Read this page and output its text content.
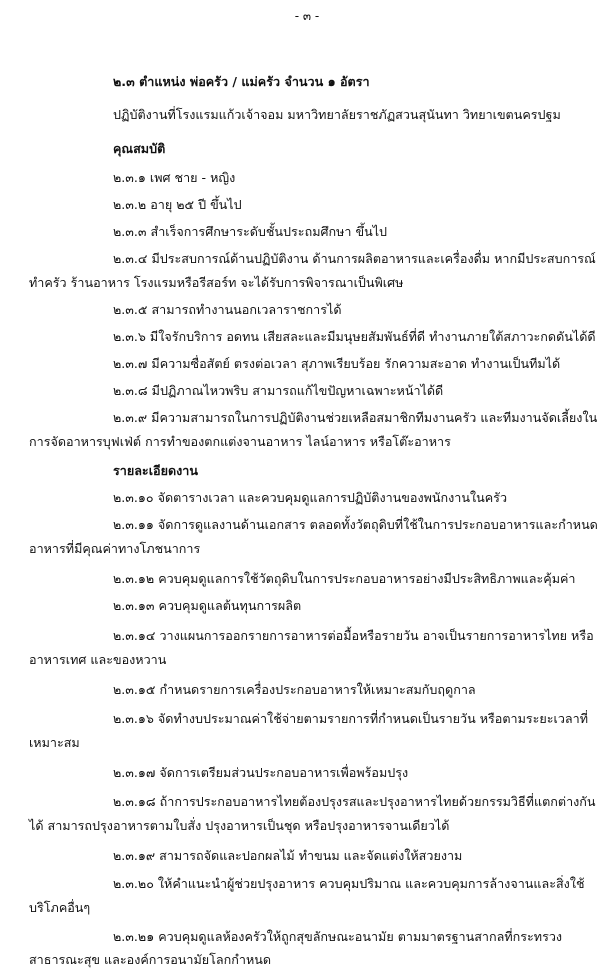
- ๓ -
๒.๓ ตำแหน่ง พ่อครัว / แม่ครัว จำนวน ๑ อัตรา
ปฏิบัติงานที่โรงแรมแก้วเจ้าจอม มหาวิทยาลัยราชภัฏสวนสุนันทา วิทยาเขตนครปฐม
คุณสมบัติ
๒.๓.๑ เพศ ชาย - หญิง
๒.๓.๒ อายุ ๒๕ ปี ขึ้นไป
๒.๓.๓ สำเร็จการศึกษาระดับชั้นประถมศึกษา ขึ้นไป
๒.๓.๔ มีประสบการณ์ด้านปฏิบัติงาน ด้านการผลิตอาหารและเครื่องดื่ม หากมีประสบการณ์
ทำครัว ร้านอาหาร โรงแรมหรือรีสอร์ท จะได้รับการพิจารณาเป็นพิเศษ
๒.๓.๕ สามารถทำงานนอกเวลาราชการได้
๒.๓.๖ มีใจรักบริการ อดทน เสียสละและมีมนุษยสัมพันธ์ที่ดี ทำงานภายใต้สภาวะกดดันได้ดี
๒.๓.๗ มีความซื่อสัตย์ ตรงต่อเวลา สุภาพเรียบร้อย รักความสะอาด ทำงานเป็นทีมได้
๒.๓.๘ มีปฏิภาณไหวพริบ สามารถแก้ไขปัญหาเฉพาะหน้าได้ดี
๒.๓.๙ มีความสามารถในการปฏิบัติงานช่วยเหลือสมาชิกทีมงานครัว และทีมงานจัดเลี้ยงใน
การจัดอาหารบุฟเฟ่ต์ การทำของตกแต่งจานอาหาร ไลน์อาหาร หรือโต๊ะอาหาร
รายละเอียดงาน
๒.๓.๑๐ จัดตารางเวลา และควบคุมดูแลการปฏิบัติงานของพนักงานในครัว
๒.๓.๑๑ จัดการดูแลงานด้านเอกสาร ตลอดทั้งวัตถุดิบที่ใช้ในการประกอบอาหารและกำหนด
อาหารที่มีคุณค่าทางโภชนาการ
๒.๓.๑๒ ควบคุมดูแลการใช้วัตถุดิบในการประกอบอาหารอย่างมีประสิทธิภาพและคุ้มค่า
๒.๓.๑๓ ควบคุมดูแลต้นทุนการผลิต
๒.๓.๑๔ วางแผนการออกรายการอาหารต่อมื้อหรือรายวัน อาจเป็นรายการอาหารไทย หรือ
อาหารเทศ และของหวาน
๒.๓.๑๕ กำหนดรายการเครื่องประกอบอาหารให้เหมาะสมกับฤดูกาล
๒.๓.๑๖ จัดทำงบประมาณค่าใช้จ่ายตามรายการที่กำหนดเป็นรายวัน หรือตามระยะเวลาที่
เหมาะสม
๒.๓.๑๗ จัดการเตรียมส่วนประกอบอาหารเพื่อพร้อมปรุง
๒.๓.๑๘ ถ้าการประกอบอาหารไทยต้องปรุงรสและปรุงอาหารไทยด้วยกรรมวิธีที่แตกต่างกัน
ได้ สามารถปรุงอาหารตามใบสั่ง ปรุงอาหารเป็นชุด หรือปรุงอาหารจานเดียวได้
๒.๓.๑๙ สามารถจัดและปอกผลไม้ ทำขนม และจัดแต่งให้สวยงาม
๒.๓.๒๐ ให้คำแนะนำผู้ช่วยปรุงอาหาร ควบคุมปริมาณ และควบคุมการล้างจานและสิ่งใช้
บริโภคอื่นๆ
๒.๓.๒๑ ควบคุมดูแลห้องครัวให้ถูกสุขลักษณะอนามัย ตามมาตรฐานสากลที่กระทรวง
สาธารณะสุข และองค์การอนามัยโลกกำหนด
